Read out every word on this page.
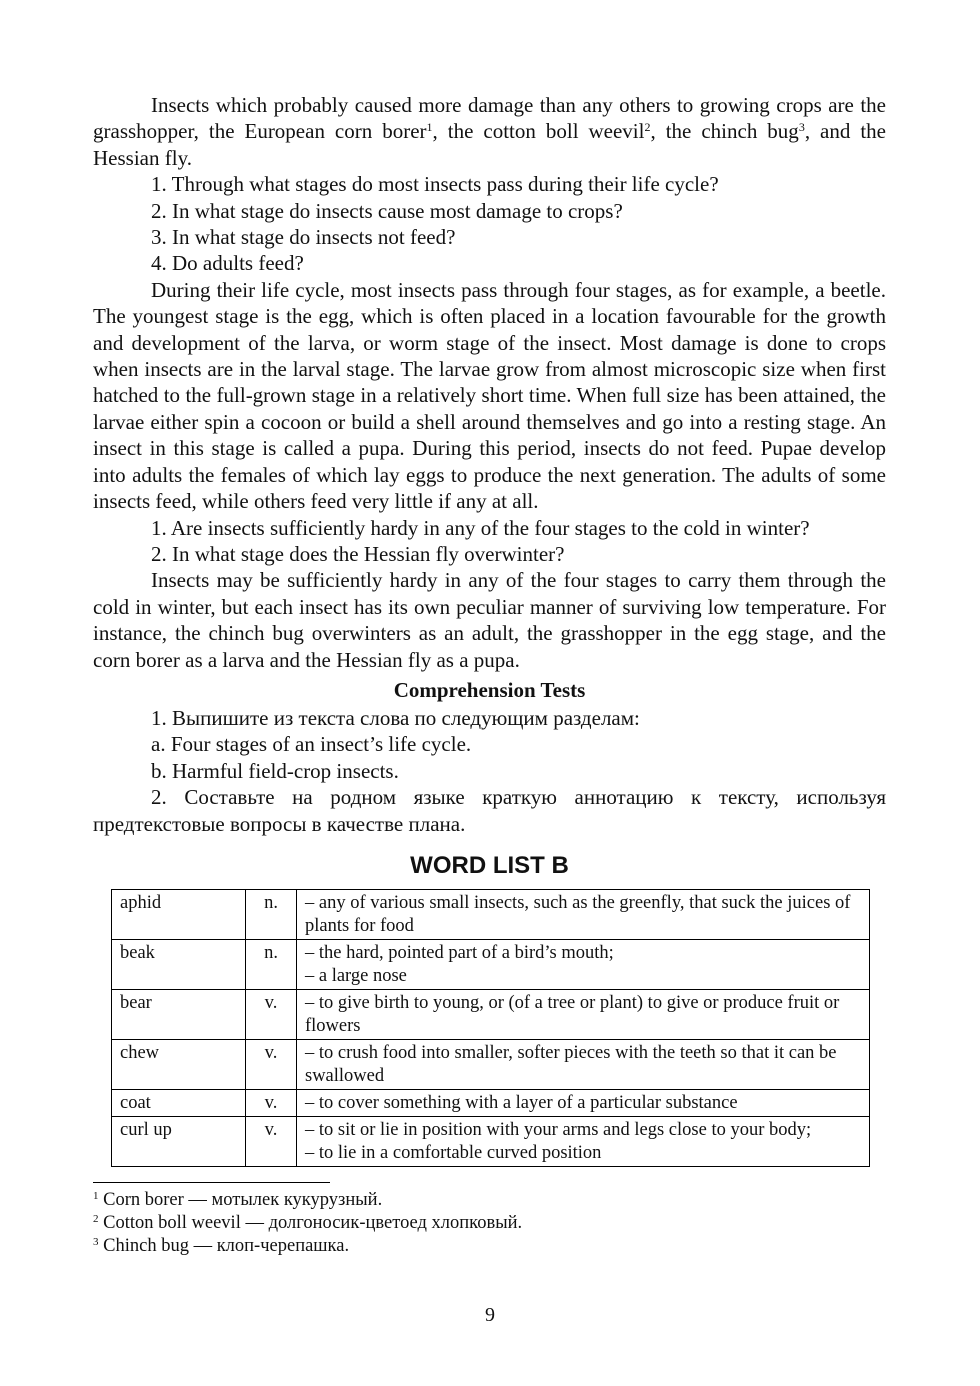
Insects which probably caused more damage than any others to growing crops are the grasshopper, the European corn borer$^1$, the cotton boll weevil$^2$, the chinch bug$^3$, and the Hessian fly.

1. Through what stages do most insects pass during their life cycle?

2. In what stage do insects cause most damage to crops?

3. In what stage do insects not feed?

4. Do adults feed?

During their life cycle, most insects pass through four stages, as for example, a beetle. The youngest stage is the egg, which is often placed in a location favourable for the growth and development of the larva, or worm stage of the insect. Most damage is done to crops when insects are in the larval stage. The larvae grow from almost microscopic size when first hatched to the full-grown stage in a relatively short time. When full size has been attained, the larvae either spin a cocoon or build a shell around themselves and go into a resting stage. An insect in this stage is called a pupa. During this period, insects do not feed. Pupae develop into adults the females of which lay eggs to produce the next generation. The adults of some insects feed, while others feed very little if any at all.

1. Are insects sufficiently hardy in any of the four stages to the cold in winter?

2. In what stage does the Hessian fly overwinter?

Insects may be sufficiently hardy in any of the four stages to carry them through the cold in winter, but each insect has its own peculiar manner of surviving low temperature. For instance, the chinch bug overwinters as an adult, the grasshopper in the egg stage, and the corn borer as a larva and the Hessian fly as a pupa.

Comprehension Tests

1. Выпишите из текста слова по следующим разделам:

a. Four stages of an insect’s life cycle.

b. Harmful field-crop insects.

2. Составьте на родном языке краткую аннотацию к тексту, используя предтекстовые вопросы в качестве плана.

WORD LIST B

aphid	n.	– any of various small insects, such as the greenfly, that suck the juices of plants for food

beak	n.	– the hard, pointed part of a bird’s mouth;
– a large nose

bear	v.	– to give birth to young, or (of a tree or plant) to give or produce fruit or flowers

chew	v.	– to crush food into smaller, softer pieces with the teeth so that it can be swallowed

coat	v.	– to cover something with a layer of a particular substance

curl up	v.	– to sit or lie in position with your arms and legs close to your body;
– to lie in a comfortable curved position
$^1$ Corn borer — мотылек кукурузный.
$^2$ Cotton boll weevil — долгоносик-цветоед хлопковый.
$^3$ Chinch bug — клоп-черепашка.
9
